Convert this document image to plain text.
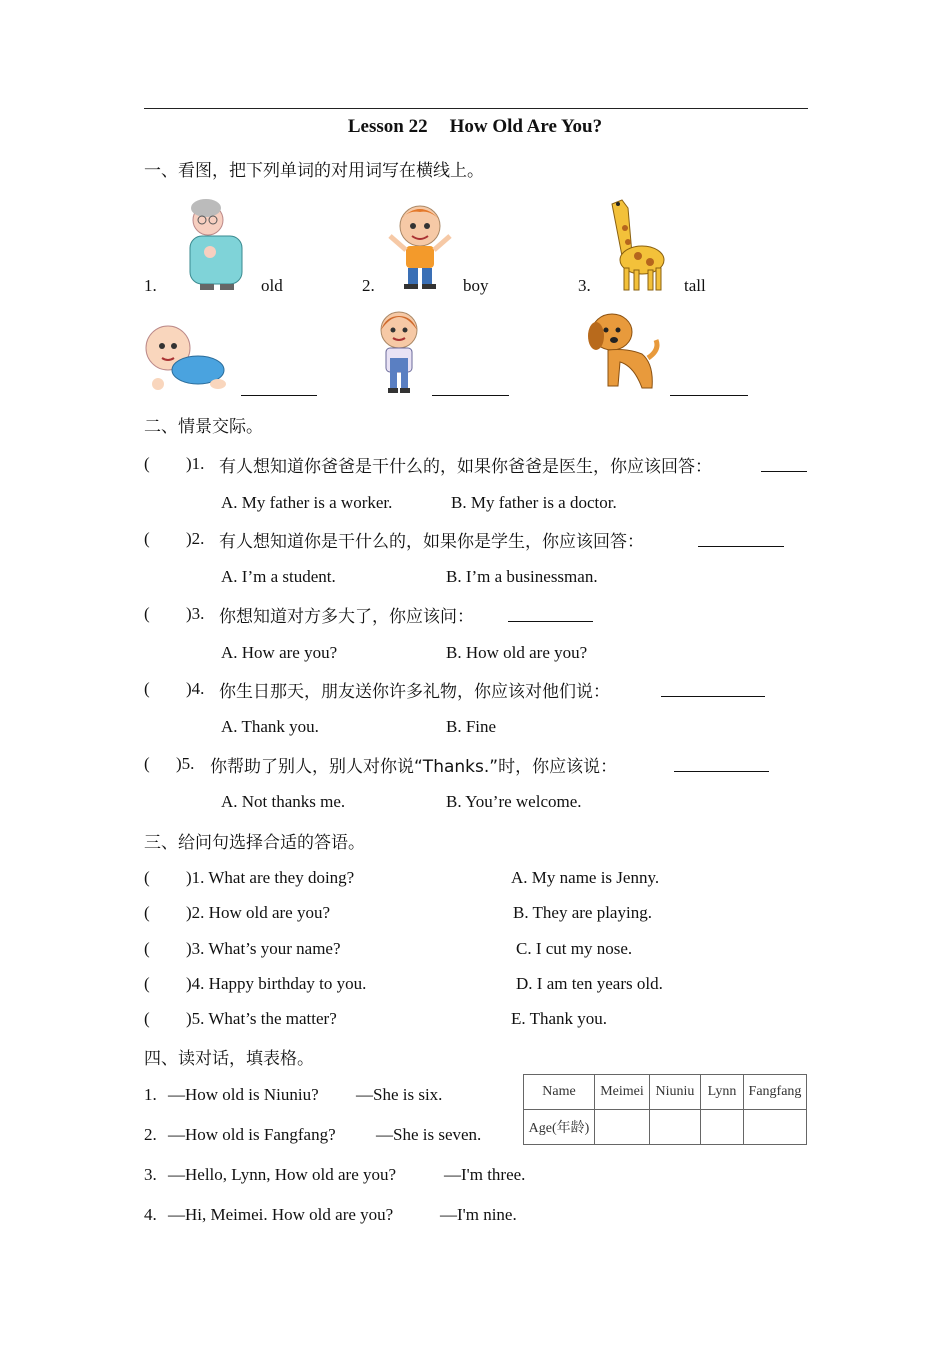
Lesson 22 How Old Are You?
一、看图，把下列单词的对用词写在横线上。
1.	old	2.	boy	3.	tall
二、情景交际。
( )1. 有人想知道你爸爸是干什么的，如果你爸爸是医生，你应该回答：
A. My father is a worker.	B. My father is a doctor.
( )2. 有人想知道你是干什么的，如果你是学生，你应该回答：
A. I’m a student.	B. I’m a businessman.
( )3. 你想知道对方多大了，你应该问：
A. How are you?	B. How old are you?
( )4. 你生日那天，朋友送你许多礼物，你应该对他们说：
A. Thank you.	B. Fine
( )5. 你帮助了别人，别人对你说“Thanks.”时，你应该说：
A. Not thanks me.	B. You’re welcome.
三、给问句选择合适的答语。
( )1. What are they doing?	A. My name is Jenny.
( )2. How old are you?	B. They are playing.
( )3. What’s your name?	C. I cut my nose.
( )4. Happy birthday to you.	D. I am ten years old.
( )5. What’s the matter?	E. Thank you.
四、读对话，填表格。
1. —How old is Niuniu? —She is six.
2. —How old is Fangfang? —She is seven.
3. —Hello, Lynn, How old are you?	—I'm three.
4. —Hi, Meimei. How old are you?	—I'm nine.
Name	Meimei	Niuniu	Lynn	Fangfang
Age(年龄)				
